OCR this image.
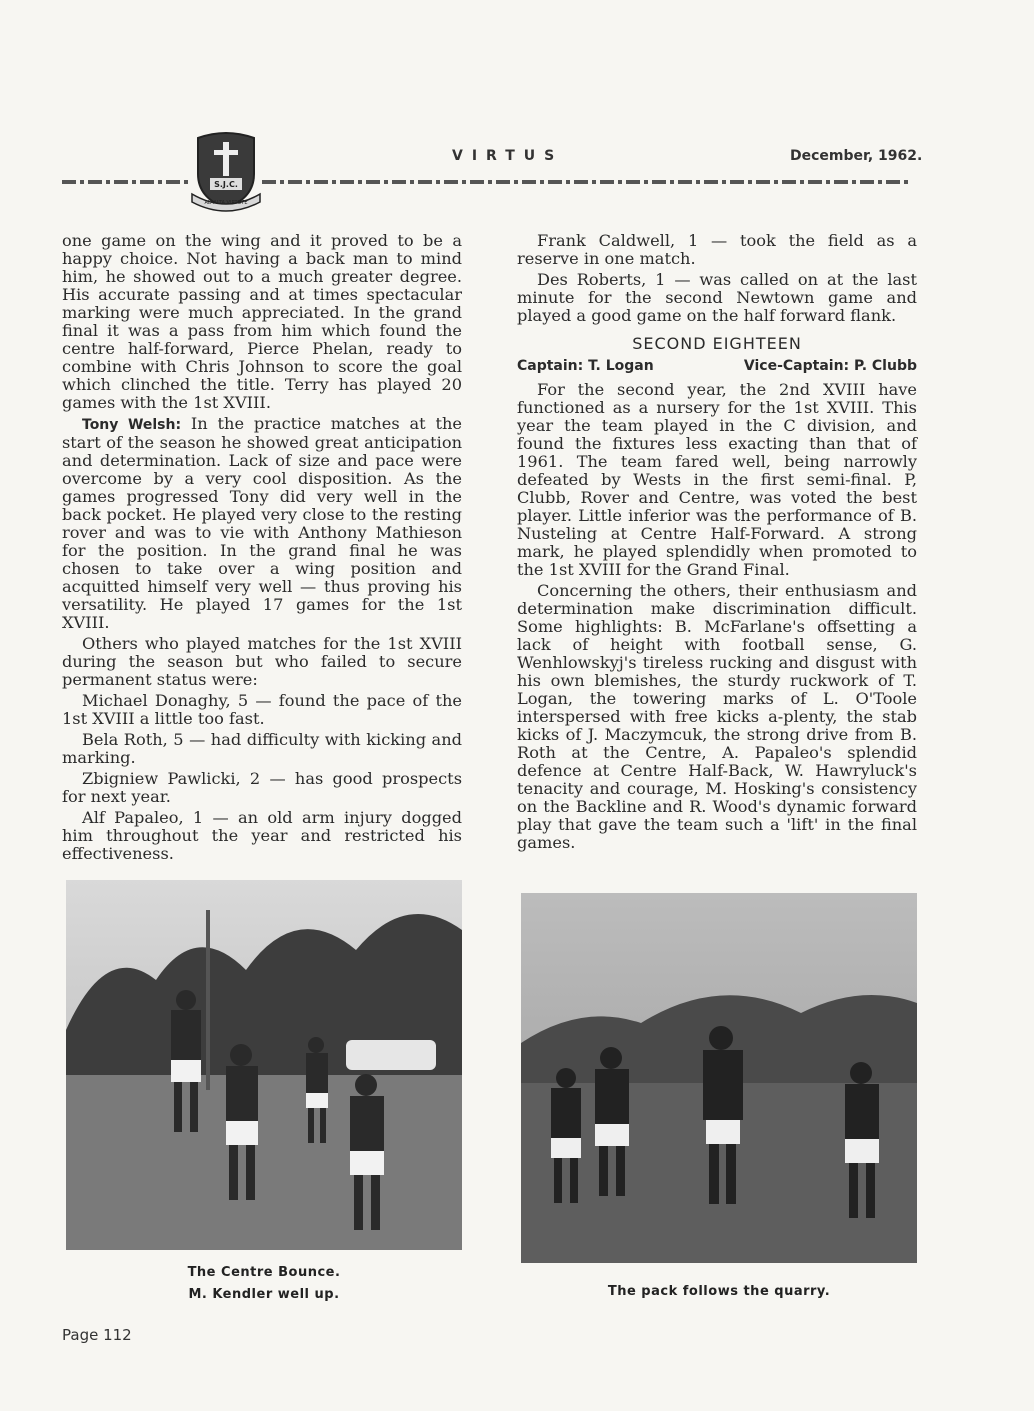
S.J.C.
AD ALTA VIRTUTE
VIRTUS	December, 1962.

one game on the wing and it proved to be a happy choice. Not having a back man to mind him, he showed out to a much greater degree. His accurate passing and at times spectacular marking were much appreciated. In the grand final it was a pass from him which found the centre half-forward, Pierce Phelan, ready to combine with Chris Johnson to score the goal which clinched the title. Terry has played 20 games with the 1st XVIII.

Tony Welsh: In the practice matches at the start of the season he showed great anticipation and determination. Lack of size and pace were overcome by a very cool disposition. As the games progressed Tony did very well in the back pocket. He played very close to the resting rover and was to vie with Anthony Mathieson for the position. In the grand final he was chosen to take over a wing position and acquitted himself very well — thus proving his versatility. He played 17 games for the 1st XVIII.

Others who played matches for the 1st XVIII during the season but who failed to secure permanent status were:

Michael Donaghy, 5 — found the pace of the 1st XVIII a little too fast.

Bela Roth, 5 — had difficulty with kicking and marking.

Zbigniew Pawlicki, 2 — has good prospects for next year.

Alf Papaleo, 1 — an old arm injury dogged him throughout the year and restricted his effectiveness.

Frank Caldwell, 1 — took the field as a reserve in one match.

Des Roberts, 1 — was called on at the last minute for the second Newtown game and played a good game on the half forward flank.

SECOND EIGHTEEN
Captain: T. Logan	Vice-Captain: P. Clubb

For the second year, the 2nd XVIII have functioned as a nursery for the 1st XVIII. This year the team played in the C division, and found the fixtures less exacting than that of 1961. The team fared well, being narrowly defeated by Wests in the first semi-final. P, Clubb, Rover and Centre, was voted the best player. Little inferior was the performance of B. Nusteling at Centre Half-Forward. A strong mark, he played splendidly when promoted to the 1st XVIII for the Grand Final.

Concerning the others, their enthusiasm and determination make discrimination difficult. Some highlights: B. McFarlane's offsetting a lack of height with football sense, G. Wenhlowskyj's tireless rucking and disgust with his own blemishes, the sturdy ruckwork of T. Logan, the towering marks of L. O'Toole interspersed with free kicks a-plenty, the stab kicks of J. Maczymcuk, the strong drive from B. Roth at the Centre, A. Papaleo's splendid defence at Centre Half-Back, W. Hawryluck's tenacity and courage, M. Hosking's consistency on the Backline and R. Wood's dynamic forward play that gave the team such a 'lift' in the final games.

The Centre Bounce.
M. Kendler well up.	The pack follows the quarry.
Page 112
